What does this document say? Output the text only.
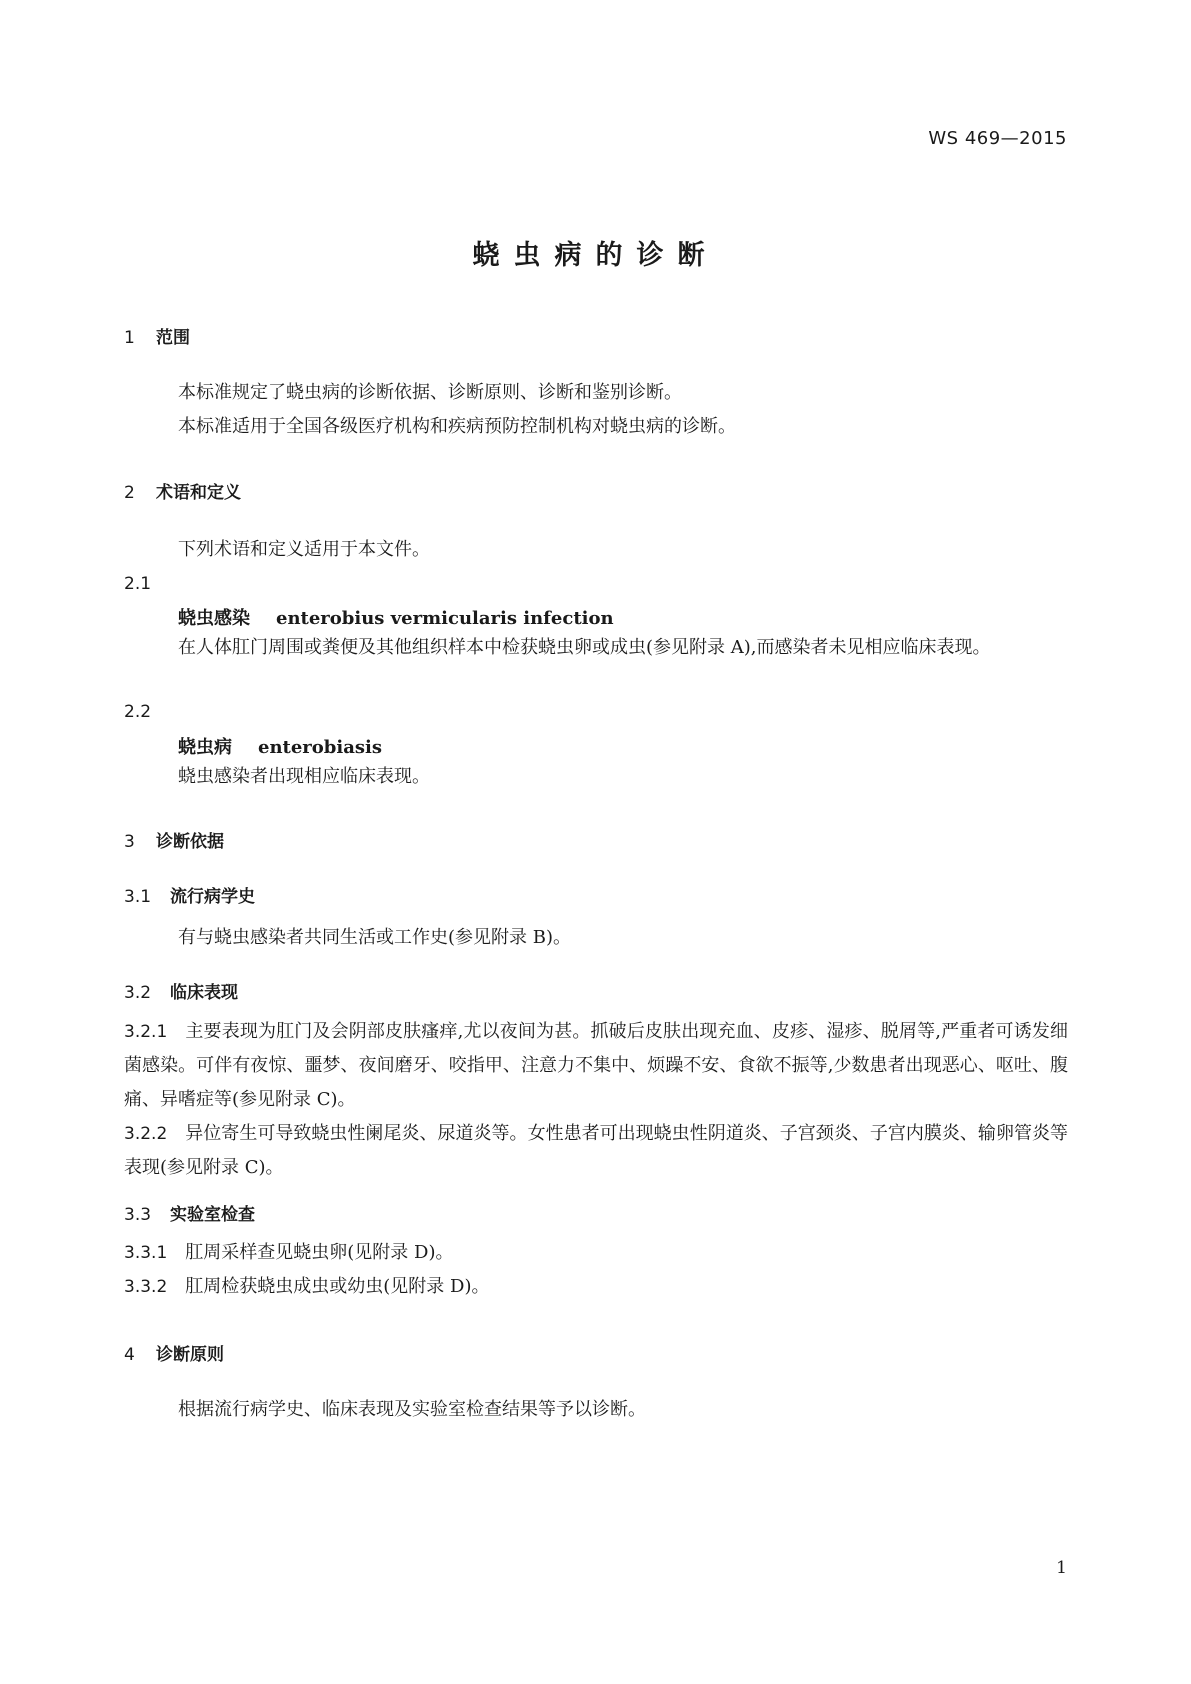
WS 469—2015
蛲虫病的诊断
1 范围
本标准规定了蛲虫病的诊断依据、诊断原则、诊断和鉴别诊断。
本标准适用于全国各级医疗机构和疾病预防控制机构对蛲虫病的诊断。
2 术语和定义
下列术语和定义适用于本文件。
2.1
蛲虫感染 enterobius vermicularis infection
在人体肛门周围或粪便及其他组织样本中检获蛲虫卵或成虫(参见附录 A),而感染者未见相应临床表现。
2.2
蛲虫病 enterobiasis
蛲虫感染者出现相应临床表现。
3 诊断依据
3.1 流行病学史
有与蛲虫感染者共同生活或工作史(参见附录 B)。
3.2 临床表现
3.2.1 主要表现为肛门及会阴部皮肤瘙痒,尤以夜间为甚。抓破后皮肤出现充血、皮疹、湿疹、脱屑等,严重者可诱发细菌感染。可伴有夜惊、噩梦、夜间磨牙、咬指甲、注意力不集中、烦躁不安、食欲不振等,少数患者出现恶心、呕吐、腹痛、异嗜症等(参见附录 C)。
3.2.2 异位寄生可导致蛲虫性阑尾炎、尿道炎等。女性患者可出现蛲虫性阴道炎、子宫颈炎、子宫内膜炎、输卵管炎等表现(参见附录 C)。
3.3 实验室检查
3.3.1 肛周采样查见蛲虫卵(见附录 D)。
3.3.2 肛周检获蛲虫成虫或幼虫(见附录 D)。
4 诊断原则
根据流行病学史、临床表现及实验室检查结果等予以诊断。
1
